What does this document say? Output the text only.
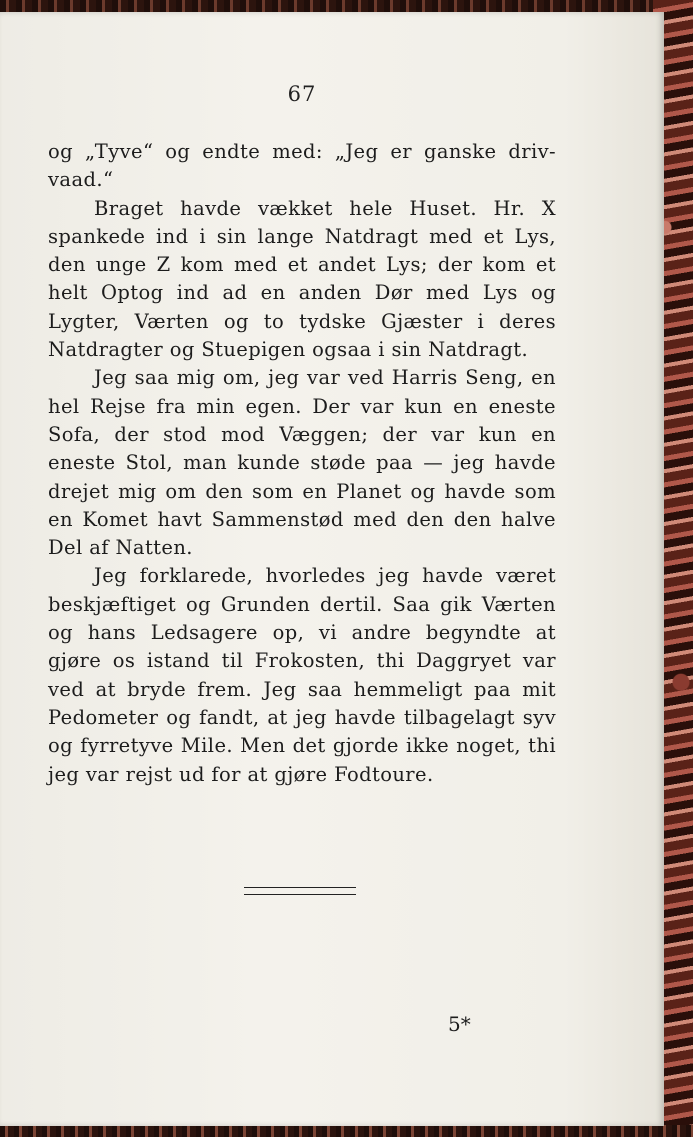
67

og „Tyve“ og endte med: „Jeg er ganske driv-vaad.“

Braget havde vækket hele Huset. Hr. X spankede ind i sin lange Natdragt med et Lys, den unge Z kom med et andet Lys; der kom et helt Optog ind ad en anden Dør med Lys og Lygter, Værten og to tydske Gjæster i deres Natdragter og Stuepigen ogsaa i sin Natdragt.

Jeg saa mig om, jeg var ved Harris Seng, en hel Rejse fra min egen. Der var kun en eneste Sofa, der stod mod Væggen; der var kun en eneste Stol, man kunde støde paa — jeg havde drejet mig om den som en Planet og havde som en Komet havt Sammenstød med den den halve Del af Natten.

Jeg forklarede, hvorledes jeg havde været beskjæftiget og Grunden dertil. Saa gik Værten og hans Ledsagere op, vi andre begyndte at gjøre os istand til Frokosten, thi Daggryet var ved at bryde frem. Jeg saa hemmeligt paa mit Pedometer og fandt, at jeg havde tilbagelagt syv og fyrretyve Mile. Men det gjorde ikke noget, thi jeg var rejst ud for at gjøre Fodtoure.

5*
